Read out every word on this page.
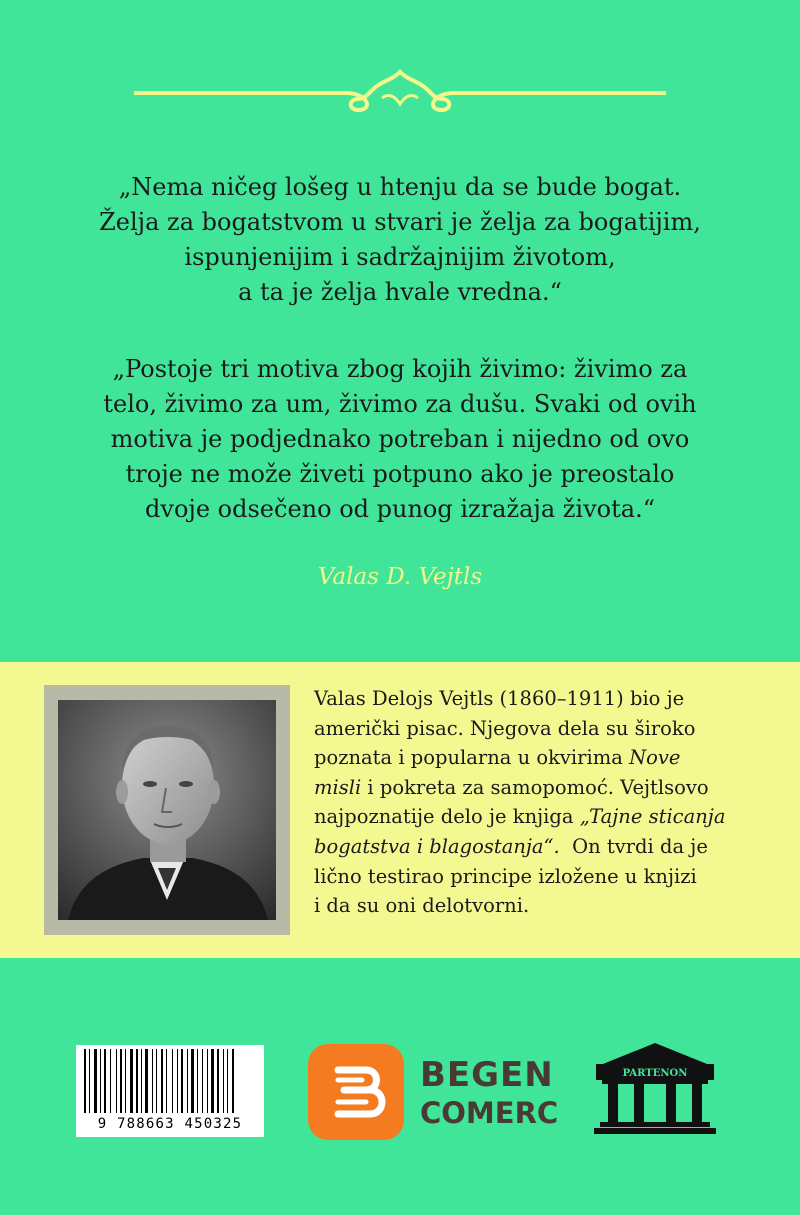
„Nema ničeg lošeg u htenju da se bude bogat.
Želja za bogatstvom u stvari je želja za bogatijim,
ispunjenijim i sadržajnijim životom,
a ta je želja hvale vredna.“
„Postoje tri motiva zbog kojih živimo: živimo za
telo, živimo za um, živimo za dušu. Svaki od ovih
motiva je podjednako potreban i nijedno od ovo
troje ne može živeti potpuno ako je preostalo
dvoje odsečeno od punog izražaja života.“
Valas D. Vejtls
Valas Delojs Vejtls (1860–1911) bio je
američki pisac. Njegova dela su široko
poznata i popularna u okvirima Nove
misli i pokreta za samopomoć. Vejtlsovo
najpoznatije delo je knjiga „Tajne sticanja
bogatstva i blagostanja“. On tvrdi da je
lično testirao principe izložene u knjizi
i da su oni delotvorni.
9 788663 450325
BEGEN
COMERC
PARTENON
